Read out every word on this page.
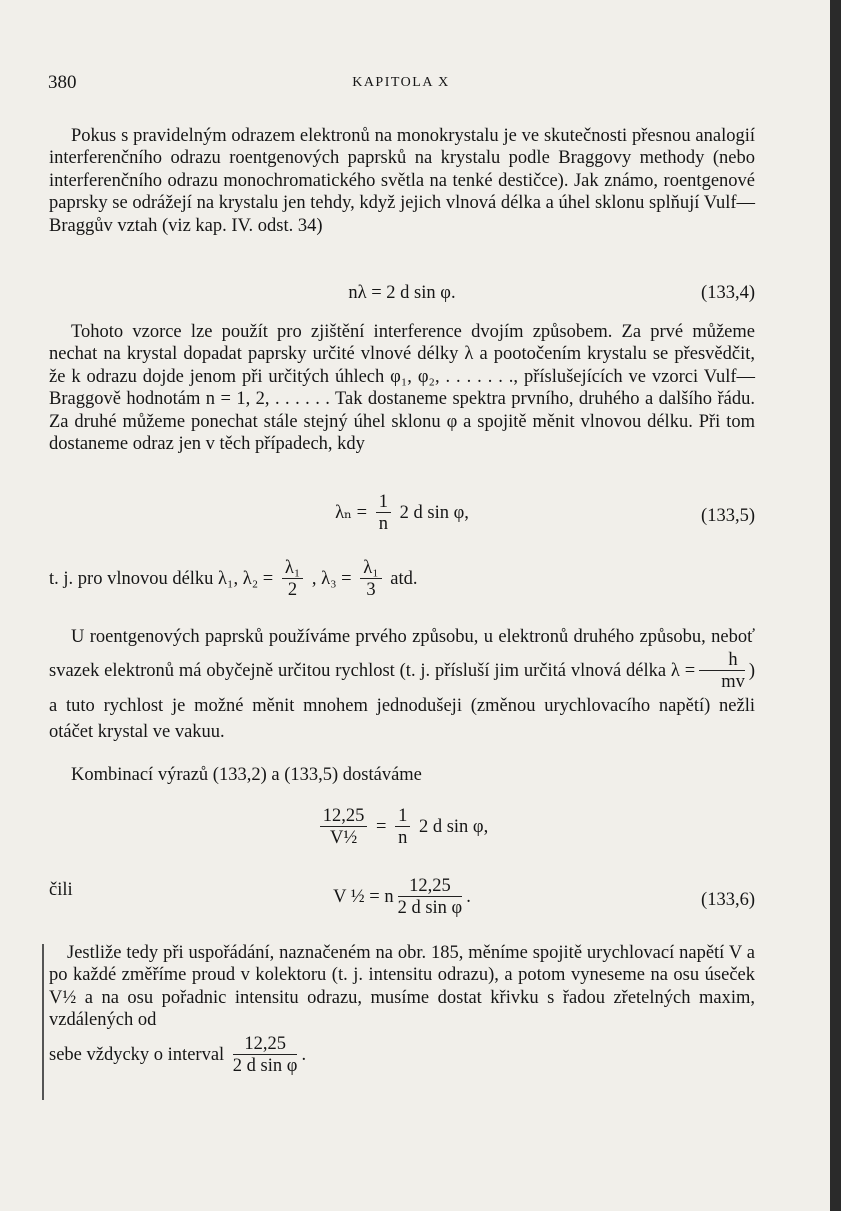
380	KAPITOLA X

Pokus s pravidelným odrazem elektronů na monokrystalu je ve skutečnosti přesnou analogií interferenčního odrazu roentgenových paprsků na krystalu podle Braggovy methody (nebo interferenčního odrazu monochromatického světla na tenké destičce). Jak známo, roentgenové paprsky se odrážejí na krystalu jen tehdy, když jejich vlnová délka a úhel sklonu splňují Vulf—Braggův vztah (viz kap. IV. odst. 34)

nλ = 2 d sin φ.	(133,4)

Tohoto vzorce lze použít pro zjištění interference dvojím způsobem. Za prvé můžeme nechat na krystal dopadat paprsky určité vlnové délky λ a pootočením krystalu se přesvědčit, že k odrazu dojde jenom při určitých úhlech φ₁, φ₂, . . . . . . ., příslušejících ve vzorci Vulf—Braggově hodnotám n = 1, 2, . . . . . . Tak dostaneme spektra prvního, druhého a dalšího řádu. Za druhé můžeme ponechat stále stejný úhel sklonu φ a spojitě měnit vlnovou délku. Při tom dostaneme odraz jen v těch případech, kdy

$\lambda_n = \frac{1}{n} 2$ d sin φ,	(133,5)
t. j. pro vlnovou délku λ₁, $\lambda_2 = \frac{\text{λ₁}}{2}$ , $\lambda_3 = \frac{\text{λ₁}}{3}$ atd.

U roentgenových paprsků používáme prvého způsobu, u elektronů druhého způsobu, neboť svazek elektronů má obyčejně určitou rychlost (t. j. přísluší jim určitá vlnová délka $\lambda = \frac{h}{mv}$ ) a tuto rychlost je možné měnit mnohem jednodušeji (změnou urychlovacího napětí) nežli otáčet krystal ve vakuu.

Kombinací výrazů (133,2) a (133,5) dostáváme

$\frac{12,25}{\text{V½}} = \frac{1}{n} 2$ d sin φ,
čili	V ½ = n $\frac{12,25}{\text{2 d sin φ}}$ .	(133,6)

Jestliže tedy při uspořádání, naznačeném na obr. 185, měníme spojitě urychlovací napětí V a po každé změříme proud v kolektoru (t. j. intensitu odrazu), a potom vyneseme na osu úseček V½ a na osu pořadnic intensitu odrazu, musíme dostat křivku s řadou zřetelných maxim, vzdálených od

sebe vždycky o interval $\frac{12,25}{\text{2 d sin φ}}$ .
